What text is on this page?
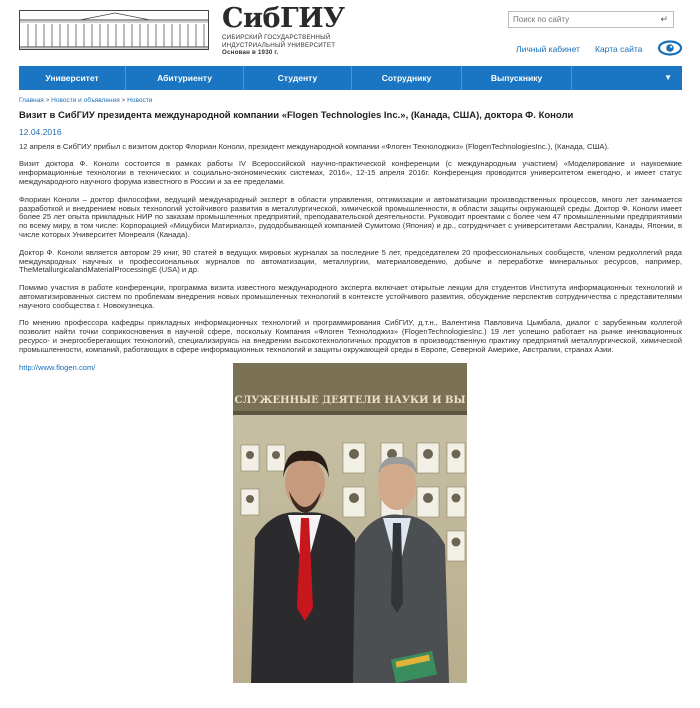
СибГИУ
СИБИРСКИЙ ГОСУДАРСТВЕННЫЙ
ИНДУСТРИАЛЬНЫЙ УНИВЕРСИТЕТ
Основан в 1930 г.
Поиск по сайту
↵
Личный кабинет Карта сайта
Университет	Абитуриенту	Студенту	Сотруднику	Выпускнику	▼
Главная > Новости и объявления > Новости
Визит в СибГИУ президента международной компании «Flogen Technologies Inc.», (Канада, США), доктора Ф. Коноли
12.04.2016

12 апреля в СибГИУ прибыл с визитом доктор Флориан Коноли, президент международной компании «Флоген Технолоджиз» (FlogenTechnologiesInc.), (Канада, США).

Визит доктора Ф. Коноли состоится в рамках работы IV Всероссийской научно-практической конференции (с международным участием) «Моделирование и наукоемкие информационные технологии в технических и социально-экономических системах, 2016», 12-15 апреля 2016г. Конференция проводится университетом ежегодно, и имеет статус международного научного форума известного в России и за ее пределами.

Флориан Коноли – доктор философии, ведущий международный эксперт в области управления, оптимизации и автоматизации производственных процессов, много лет занимается разработкой и внедрением новых технологий устойчивого развития в металлургической, химической промышленности, в области защиты окружающей среды. Доктор Ф. Коноли имеет более 25 лет опыта прикладных НИР по заказам промышленных предприятий, преподавательской деятельности. Руководит проектами с более чем 47 промышленными предприятиями по всему миру, в том числе: Корпорацией «Мицубиси Матириалз», рудодобывающей компанией Сумитомо (Япония) и др., сотрудничает с университетами Австралии, Канады, Японии, в числе которых Университет Монреаля (Канада).

Доктор Ф. Коноли является автором 29 книг, 90 статей в ведущих мировых журналах за последние 5 лет, председателем 20 профессиональных сообществ, членом редколлегий ряда международных научных и профессиональных журналов по автоматизации, металлургии, материаловедению, добыче и переработке минеральных ресурсов, например, TheMetallurgicalandMaterialProcessingE (USA) и др.

Помимо участия в работе конференции, программа визита известного международного эксперта включает открытые лекции для студентов Института информационных технологий и автоматизированных систем по проблемам внедрения новых промышленных технологий в контексте устойчивого развития, обсуждение перспектив сотрудничества с представителями научного сообщества г. Новокузнецка.

По мнению профессора кафедры прикладных информационных технологий и программирования СибГИУ, д.т.н., Валентина Павловича Цымбала, диалог с зарубежным коллегой позволит найти точки соприкосновения в научной сфере, поскольку Компания «Флоген Технолоджиз» (FlogenTechnologiesInc.) 19 лет успешно работает на рынке инновационных ресурсо- и энергосберегающих технологий, специализируясь на внедрении высокотехнологичных продуктов в производственную практику предприятий металлургической, химической промышленности, компаний, работающих в сфере информационных технологий и защиты окружающей среды в Европе, Северной Америке, Австралии, странах Азии.

http://www.flogen.com/
СЛУЖЕННЫЕ ДЕЯТЕЛИ НАУКИ И ВЫ
